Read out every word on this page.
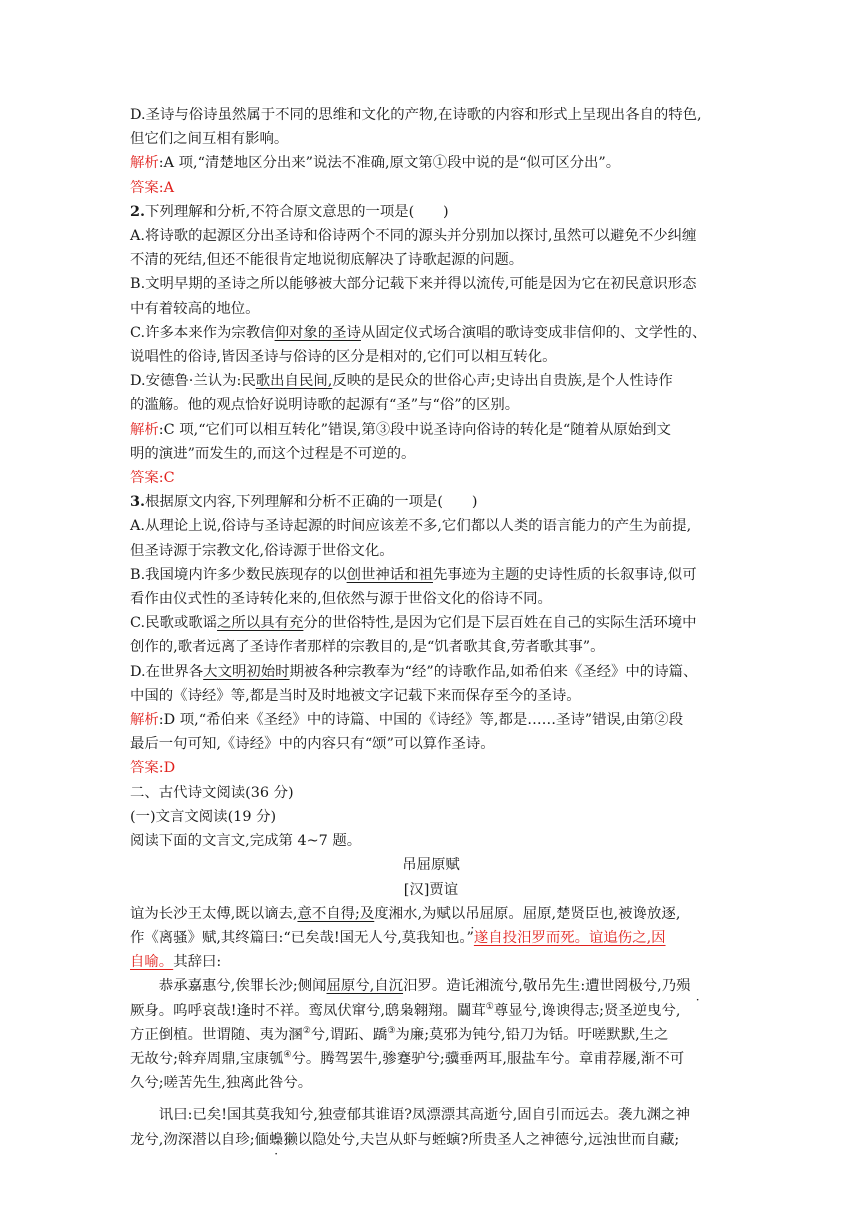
D.圣诗与俗诗虽然属于不同的思维和文化的产物,在诗歌的内容和形式上呈现出各自的特色,
但它们之间互相有影响。
解析:A 项,“清楚地区分出来”说法不准确,原文第①段中说的是“似可区分出”。
答案:A
2.下列理解和分析,不符合原文意思的一项是(　　)
A.将诗歌的起源区分出圣诗和俗诗两个不同的源头并分别加以探讨,虽然可以避免不少纠缠
不清的死结,但还不能很肯定地说彻底解决了诗歌起源的问题。
B.文明早期的圣诗之所以能够被大部分记载下来并得以流传,可能是因为它在初民意识形态
中有着较高的地位。
C.许多本来作为宗教信仰对象的圣诗从固定仪式场合演唱的歌诗变成非信仰的、文学性的、
说唱性的俗诗,皆因圣诗与俗诗的区分是相对的,它们可以相互转化。
D.安德鲁·兰认为:民歌出自民间,反映的是民众的世俗心声;史诗出自贵族,是个人性诗作
的滥觞。他的观点恰好说明诗歌的起源有“圣”与“俗”的区别。
解析:C 项,“它们可以相互转化”错误,第③段中说圣诗向俗诗的转化是“随着从原始到文
明的演进”而发生的,而这个过程是不可逆的。
答案:C
3.根据原文内容,下列理解和分析不正确的一项是(　　)
A.从理论上说,俗诗与圣诗起源的时间应该差不多,它们都以人类的语言能力的产生为前提,
但圣诗源于宗教文化,俗诗源于世俗文化。
B.我国境内许多少数民族现存的以创世神话和祖先事迹为主题的史诗性质的长叙事诗,似可
看作由仪式性的圣诗转化来的,但依然与源于世俗文化的俗诗不同。
C.民歌或歌谣之所以具有充分的世俗特性,是因为它们是下层百姓在自己的实际生活环境中
创作的,歌者远离了圣诗作者那样的宗教目的,是“饥者歌其食,劳者歌其事”。
D.在世界各大文明初始时期被各种宗教奉为“经”的诗歌作品,如希伯来《圣经》中的诗篇、
中国的《诗经》等,都是当时及时地被文字记载下来而保存至今的圣诗。
解析:D 项,“希伯来《圣经》中的诗篇、中国的《诗经》等,都是……圣诗”错误,由第②段
最后一句可知,《诗经》中的内容只有“颂”可以算作圣诗。
答案:D
二、古代诗文阅读(36 分)
(一)文言文阅读(19 分)
阅读下面的文言文,完成第 4~7 题。
吊屈原赋
[汉]贾谊
谊为长沙王太傅,既以谪去,意不自得;及度湘水,为赋以吊屈原。屈原,楚贤臣也,被谗放逐,
作《离骚》赋,其终篇曰:“已矣哉!国无人兮,莫我知也。”遂自投汨罗而死。谊追伤之,因
自喻。其辞曰:
恭承嘉惠兮,俟罪长沙;侧闻屈原兮,自沉汨罗。造讬湘流兮,敬吊先生:遭世罔极兮,乃殒
厥身。呜呼哀哉!逢时不祥。鸾凤伏窜兮,鸱枭翱翔。闒茸①尊显兮,谗谀得志;贤圣逆曳兮,
方正倒植。世谓随、夷为溷②兮,谓跖、蹻③为廉;莫邪为钝兮,铅刀为铦。吁嗟默默,生之
无故兮;斡弃周鼎,宝康瓠④兮。腾驾罢牛,骖蹇驴兮;骥垂两耳,服盐车兮。章甫荐屦,渐不可
久兮;嗟苦先生,独离此咎兮。
讯曰:已矣!国其莫我知兮,独壹郁其谁语?凤漂漂其高逝兮,固自引而远去。袭九渊之神
龙兮,沕深潜以自珍;偭蟂獭以隐处兮,夫岂从虾与蛭螾?所贵圣人之神德兮,远浊世而自藏;
